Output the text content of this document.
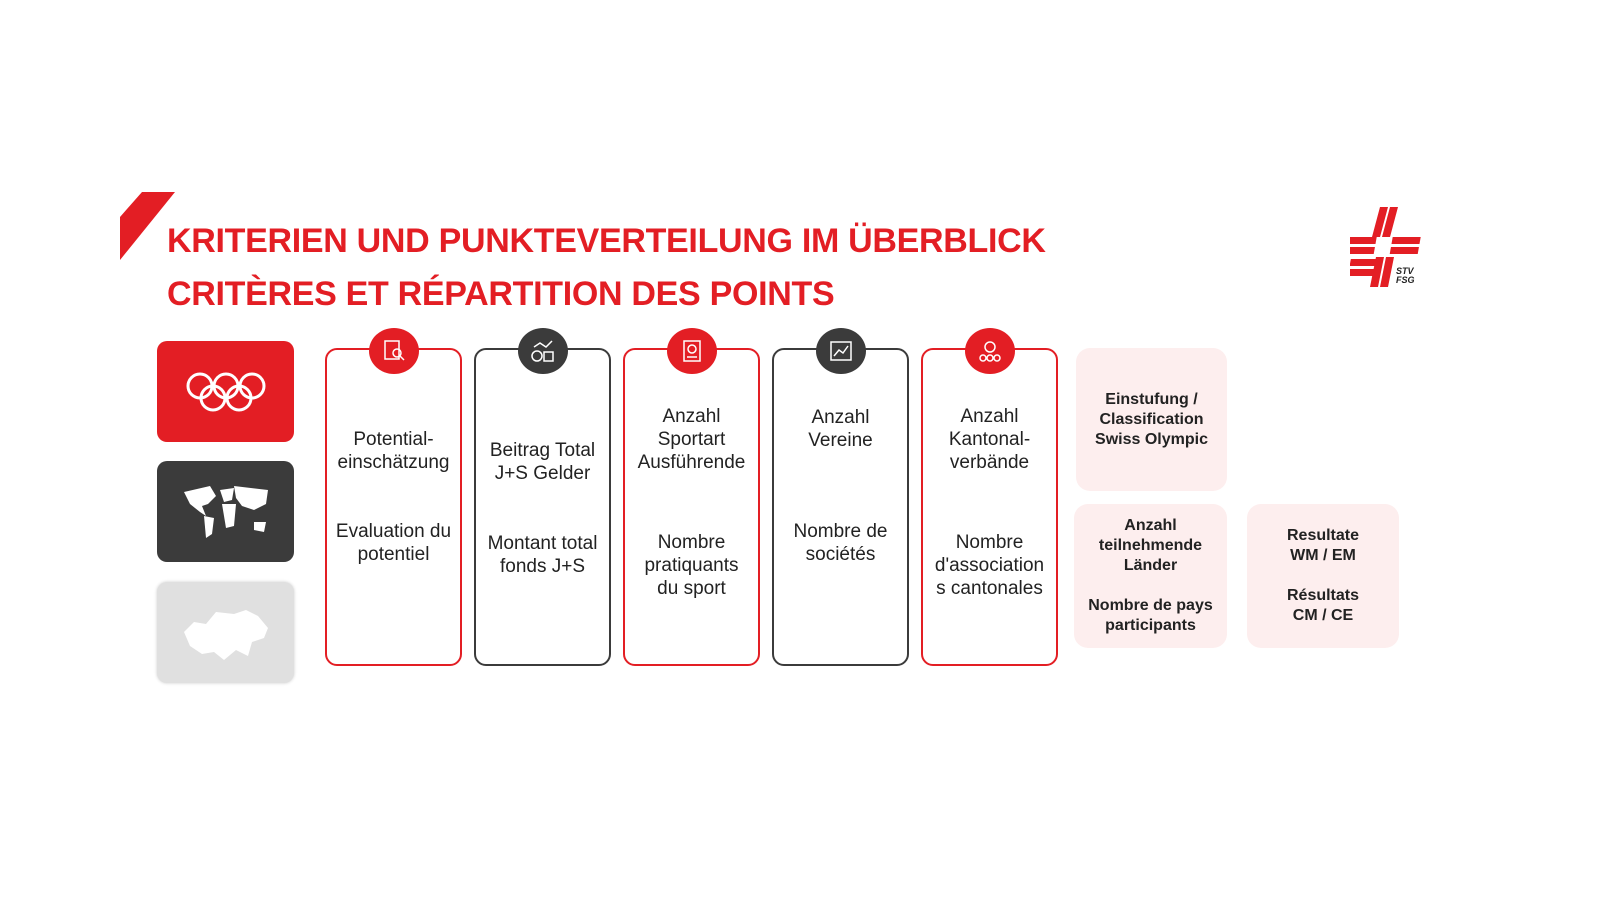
KRITERIEN UND PUNKTEVERTEILUNG IM ÜBERBLICK
CRITÈRES ET RÉPARTITION DES POINTS
STV
FSG
Potential-
einschätzung
Evaluation du
potentiel
Beitrag Total
J+S Gelder
Montant total
fonds J+S
Anzahl
Sportart
Ausführende
Nombre
pratiquants
du sport
Anzahl
Vereine
Nombre de
sociétés
Anzahl
Kantonal-
verbände
Nombre
d'association
s cantonales
Einstufung /
Classification
Swiss Olympic
Anzahl
teilnehmende
Länder

Nombre de pays
participants
Resultate
WM / EM

Résultats
CM / CE
